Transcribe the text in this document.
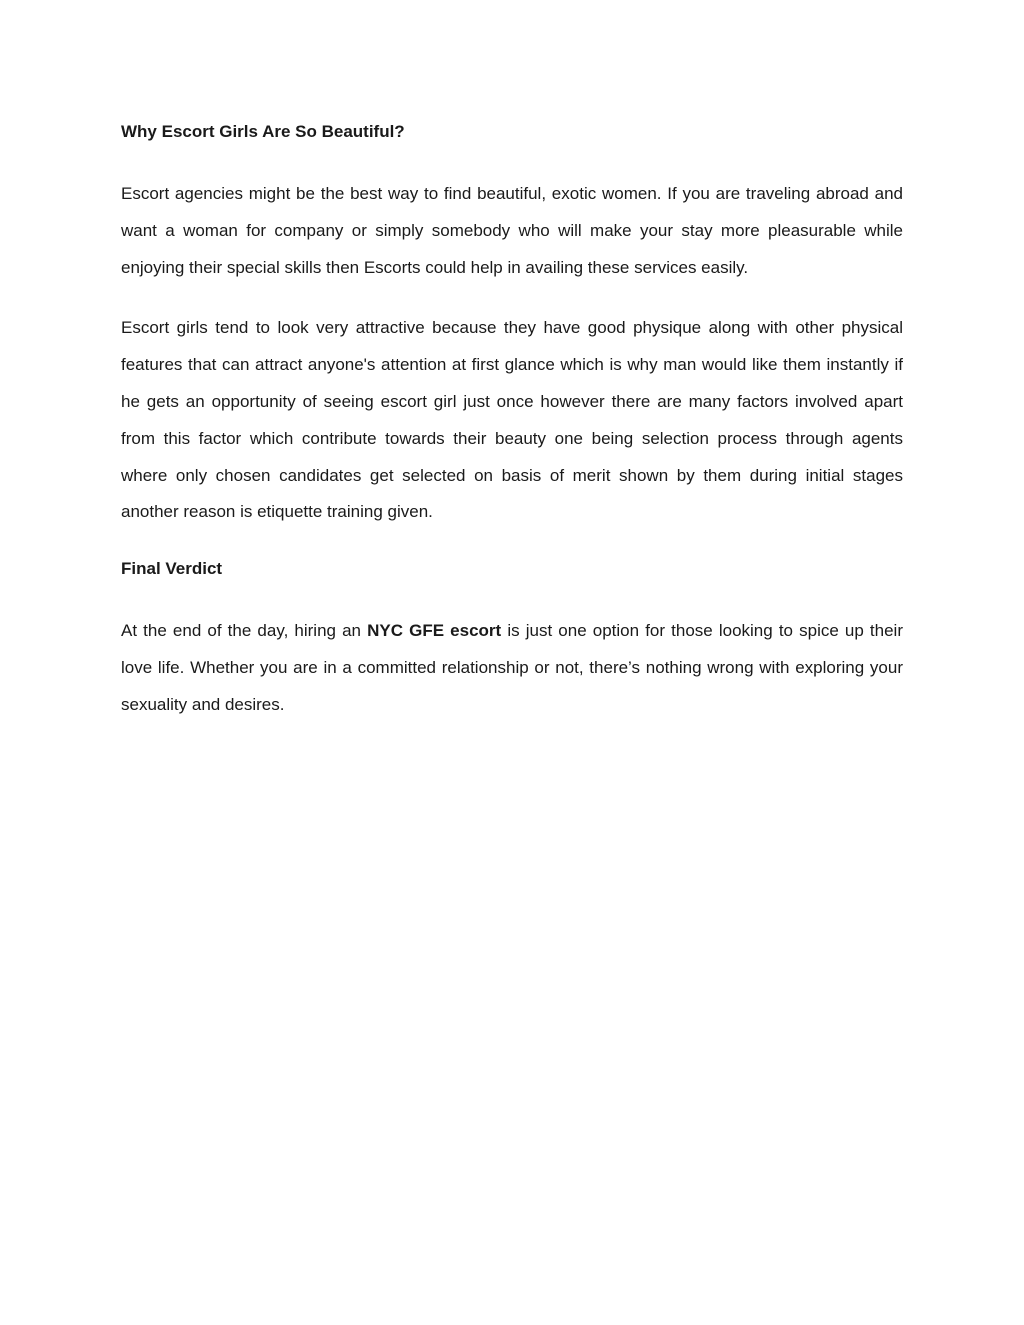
Why Escort Girls Are So Beautiful?

Escort agencies might be the best way to find beautiful, exotic women. If you are traveling abroad and want a woman for company or simply somebody who will make your stay more pleasurable while enjoying their special skills then Escorts could help in availing these services easily.

Escort girls tend to look very attractive because they have good physique along with other physical features that can attract anyone's attention at first glance which is why man would like them instantly if he gets an opportunity of seeing escort girl just once however there are many factors involved apart from this factor which contribute towards their beauty one being selection process through agents where only chosen candidates get selected on basis of merit shown by them during initial stages another reason is etiquette training given.

Final Verdict

At the end of the day, hiring an NYC GFE escort is just one option for those looking to spice up their love life. Whether you are in a committed relationship or not, there’s nothing wrong with exploring your sexuality and desires.
